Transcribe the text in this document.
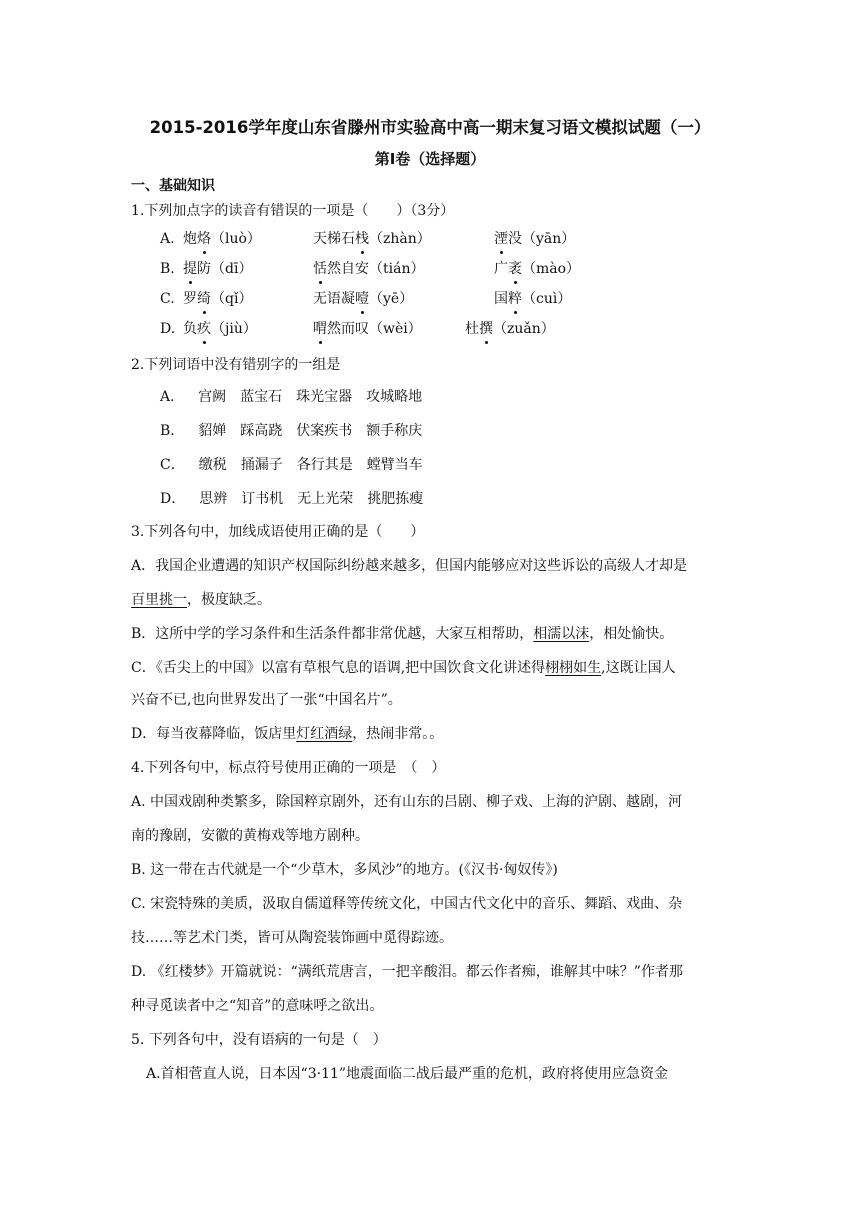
2015-2016学年度山东省滕州市实验高中高一期末复习语文模拟试题（一）
第I卷（选择题）
一、基础知识
1.下列加点字的读音有错误的一项是（　　）（3分）
A. 炮烙（luò）	天梯石栈（zhàn）	湮没（yān）
B. 提防（dī）	恬然自安（tián）	广袤（mào）
C. 罗绮（qǐ）	无语凝噎（yē）	国粹（cuì）
D. 负疚（jiù）	喟然而叹（wèi）	杜撰（zuǎn）
2.下列词语中没有错别字的一组是
A． 宫阙 蓝宝石 珠光宝器 攻城略地
B． 貂婵 踩高跷 伏案疾书 额手称庆
C． 缴税 捅漏子 各行其是 螳臂当车
D． 思辨 订书机 无上光荣 挑肥拣瘦
3.下列各句中，加线成语使用正确的是（　　）
A．我国企业遭遇的知识产权国际纠纷越来越多，但国内能够应对这些诉讼的高级人才却是
百里挑一，极度缺乏。
B．这所中学的学习条件和生活条件都非常优越，大家互相帮助，相濡以沫，相处愉快。
C．《舌尖上的中国》以富有草根气息的语调,把中国饮食文化讲述得栩栩如生,这既让国人
兴奋不已,也向世界发出了一张“中国名片”。
D．每当夜幕降临，饭店里灯红酒绿，热闹非常。。
4.下列各句中，标点符号使用正确的一项是　（　）
A. 中国戏剧种类繁多，除国粹京剧外，还有山东的吕剧、柳子戏、上海的沪剧、越剧，河
南的豫剧，安徽的黄梅戏等地方剧种。
B. 这一带在古代就是一个“少草木，多风沙”的地方。(《汉书·匈奴传》)
C. 宋瓷特殊的美质，汲取自儒道释等传统文化，中国古代文化中的音乐、舞蹈、戏曲、杂
技……等艺术门类，皆可从陶瓷装饰画中觅得踪迹。
D. 《红楼梦》开篇就说：“满纸荒唐言，一把辛酸泪。都云作者痴，谁解其中味？”作者那
种寻觅读者中之“知音”的意味呼之欲出。
5. 下列各句中，没有语病的一句是（　）
A.首相菅直人说，日本因“3·11”地震面临二战后最严重的危机，政府将使用应急资金
